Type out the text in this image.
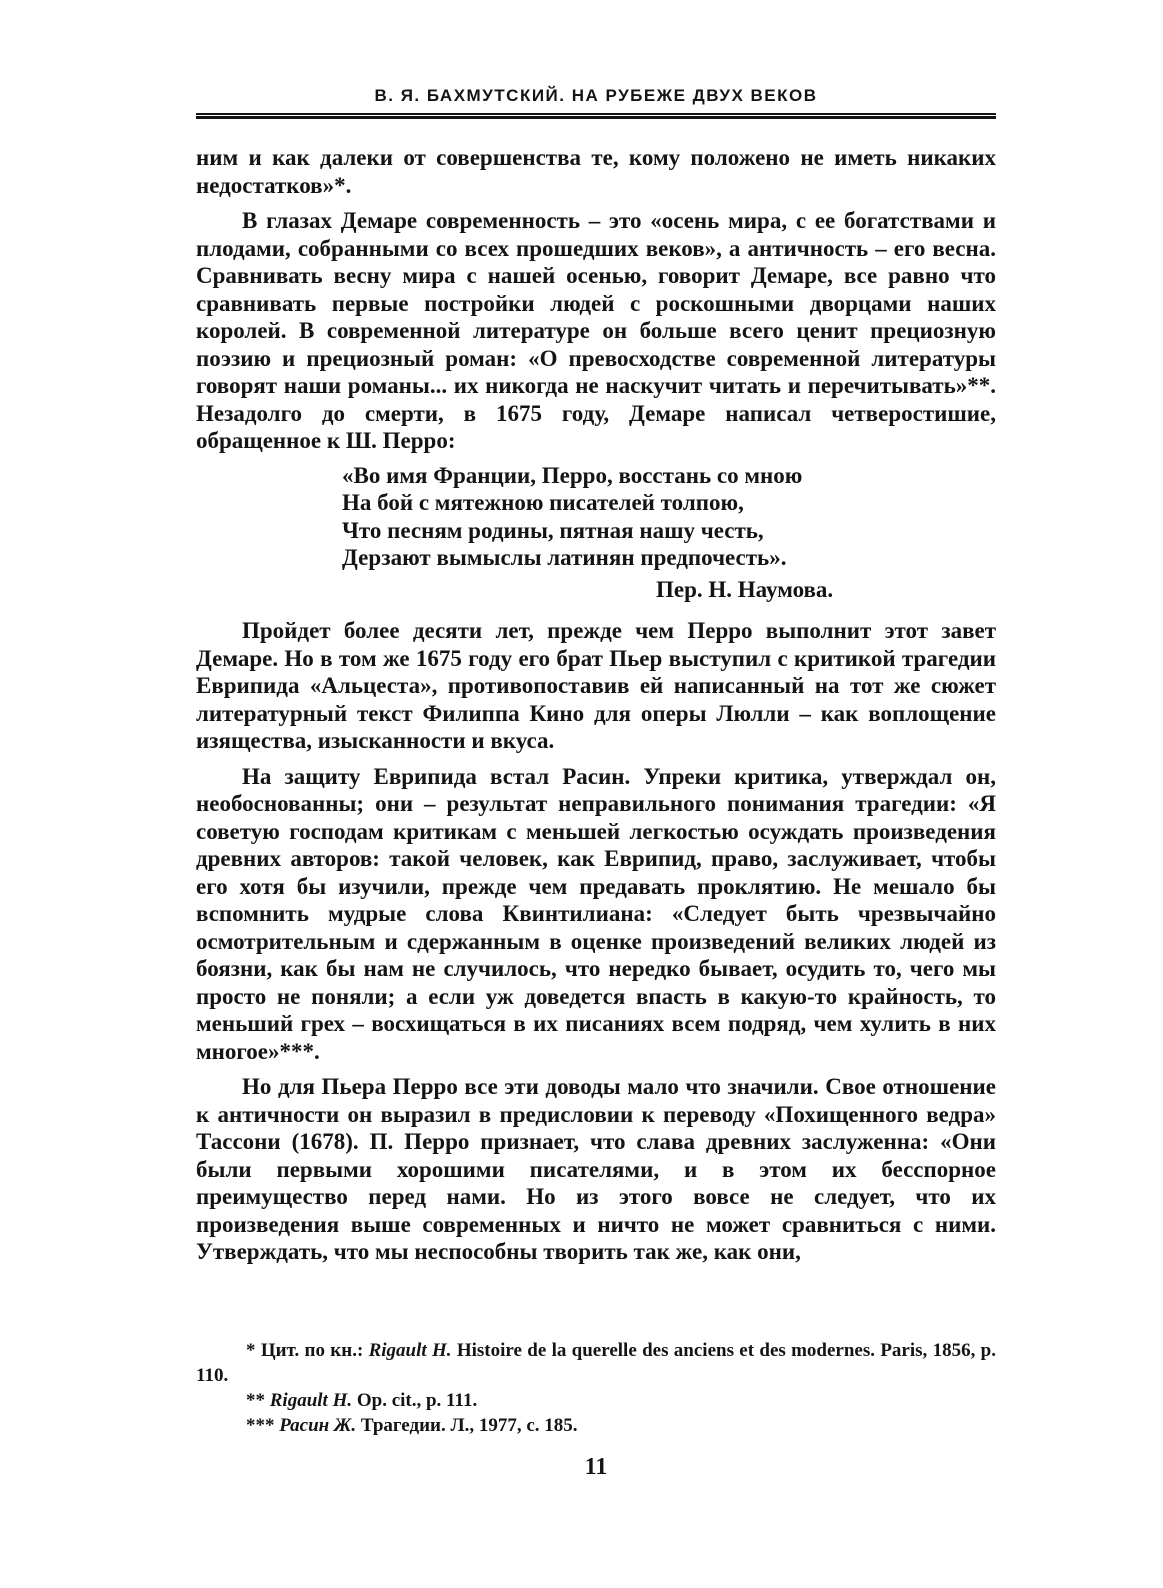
В. Я. БАХМУТСКИЙ. НА РУБЕЖЕ ДВУХ ВЕКОВ

ним и как далеки от совершенства те, кому положено не иметь никаких недостатков»*.

В глазах Демаре современность – это «осень мира, с ее богатствами и плодами, собранными со всех прошедших веков», а античность – его весна. Сравнивать весну мира с нашей осенью, говорит Демаре, все равно что сравнивать первые постройки людей с роскошными дворцами наших королей. В современной литературе он больше всего ценит прециозную поэзию и прециозный роман: «О превосходстве современной литературы говорят наши романы... их никогда не наскучит читать и перечитывать»**. Незадолго до смерти, в 1675 году, Демаре написал четверостишие, обращенное к Ш. Перро:

«Во имя Франции, Перро, восстань со мною
На бой с мятежною писателей толпою,
Что песням родины, пятная нашу честь,
Дерзают вымыслы латинян предпочесть».
Пер. Н. Наумова.

Пройдет более десяти лет, прежде чем Перро выполнит этот завет Демаре. Но в том же 1675 году его брат Пьер выступил с критикой трагедии Еврипида «Альцеста», противопоставив ей написанный на тот же сюжет литературный текст Филиппа Кино для оперы Люлли – как воплощение изящества, изысканности и вкуса.

На защиту Еврипида встал Расин. Упреки критика, утверждал он, необоснованны; они – результат неправильного понимания трагедии: «Я советую господам критикам с меньшей легкостью осуждать произведения древних авторов: такой человек, как Еврипид, право, заслуживает, чтобы его хотя бы изучили, прежде чем предавать проклятию. Не мешало бы вспомнить мудрые слова Квинтилиана: «Следует быть чрезвычайно осмотрительным и сдержанным в оценке произведений великих людей из боязни, как бы нам не случилось, что нередко бывает, осудить то, чего мы просто не поняли; а если уж доведется впасть в какую-то крайность, то меньший грех – восхищаться в их писаниях всем подряд, чем хулить в них многое»***.

Но для Пьера Перро все эти доводы мало что значили. Свое отношение к античности он выразил в предисловии к переводу «Похищенного ведра» Тассони (1678). П. Перро признает, что слава древних заслуженна: «Они были первыми хорошими писателями, и в этом их бесспорное преимущество перед нами. Но из этого вовсе не следует, что их произведения выше современных и ничто не может сравниться с ними. Утверждать, что мы неспособны творить так же, как они,

* Цит. по кн.: Rigault H. Histoire de la querelle des anciens et des modernes. Paris, 1856, p. 110.

** Rigault H. Op. cit., p. 111.

*** Расин Ж. Трагедии. Л., 1977, с. 185.

11
